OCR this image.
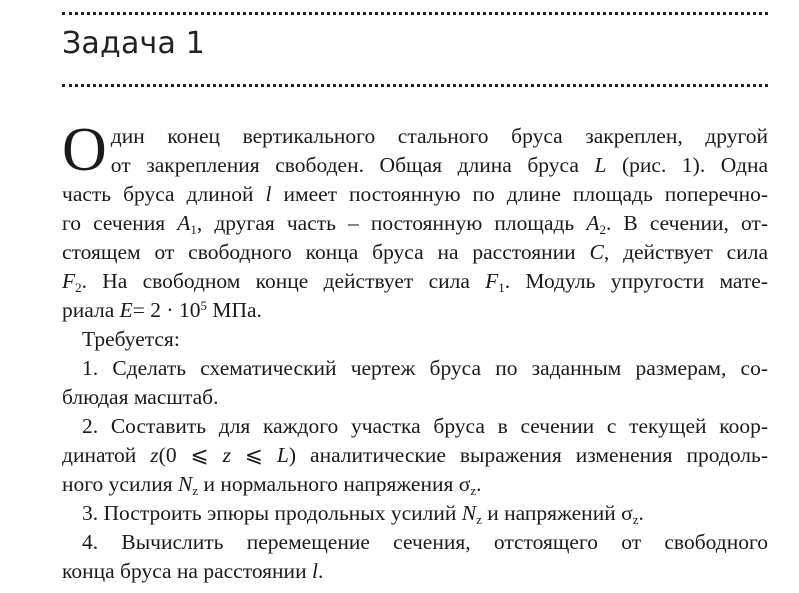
Задача 1
О дин конец вертикального стального бруса закреплен, другой
от закрепления свободен. Общая длина бруса L (рис. 1). Одна
часть бруса длиной l имеет постоянную по длине площадь поперечно-
го сечения $A_1$, другая часть – постоянную площадь $A_2$. В сечении, от-
стоящем от свободного конца бруса на расстоянии C, действует сила
$F_2$. На свободном конце действует сила $F_1$. Модуль упругости мате-
риала $E= 2 \cdot 10^5$ МПа.
Требуется:
1. Сделать схематический чертеж бруса по заданным размерам, со-
блюдая масштаб.
2. Составить для каждого участка бруса в сечении с текущей коор-
динатой z(0 ⩽ z ⩽ L) аналитические выражения изменения продоль-
ного усилия $N_z$ и нормального напряжения $\sigma_z$.
3. Построить эпюры продольных усилий $N_z$ и напряжений $\sigma_z$.
4. Вычислить перемещение сечения, отстоящего от свободного
конца бруса на расстоянии l.
